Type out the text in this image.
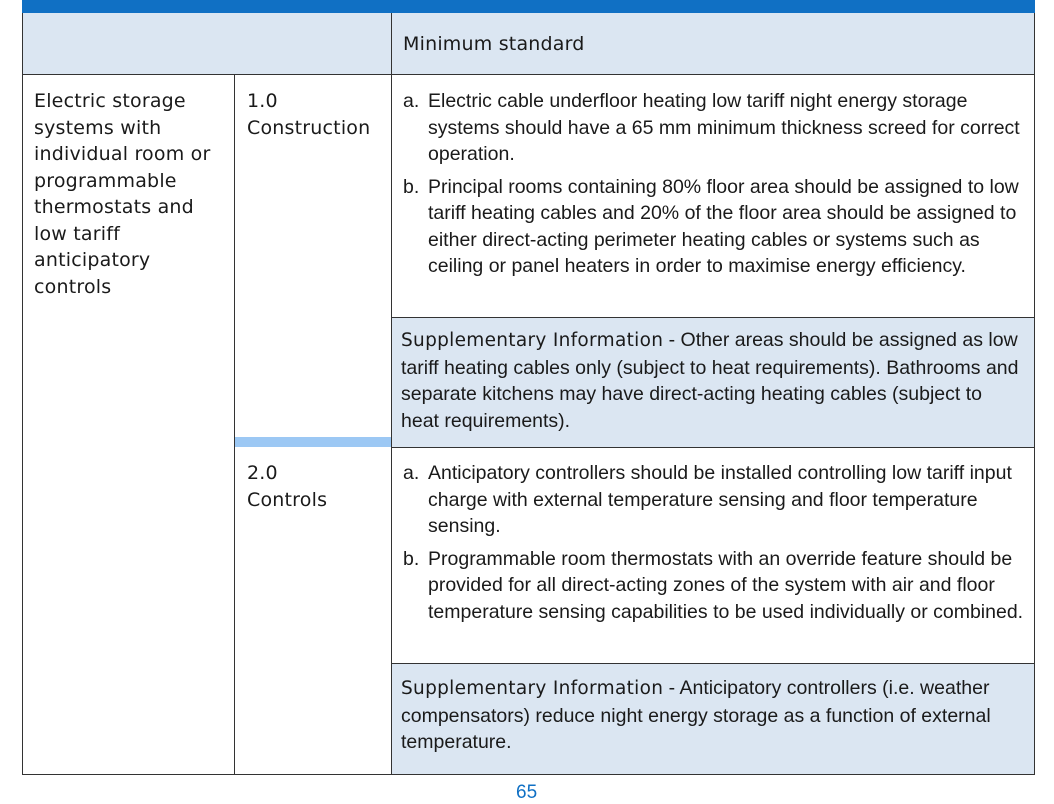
Minimum standard
Electric storage systems with individual room or programmable thermostats and low tariff anticipatory controls
1.0
Construction
a. Electric cable underfloor heating low tariff night energy storage systems should have a 65 mm minimum thickness screed for correct operation.
b. Principal rooms containing 80% floor area should be assigned to low tariff heating cables and 20% of the floor area should be assigned to either direct-acting perimeter heating cables or systems such as ceiling or panel heaters in order to maximise energy efficiency.
Supplementary Information - Other areas should be assigned as low tariff heating cables only (subject to heat requirements). Bathrooms and separate kitchens may have direct-acting heating cables (subject to heat requirements).
2.0
Controls
a. Anticipatory controllers should be installed controlling low tariff input charge with external temperature sensing and floor temperature sensing.
b. Programmable room thermostats with an override feature should be provided for all direct-acting zones of the system with air and floor temperature sensing capabilities to be used individually or combined.
Supplementary Information - Anticipatory controllers (i.e. weather compensators) reduce night energy storage as a function of external temperature.
65
